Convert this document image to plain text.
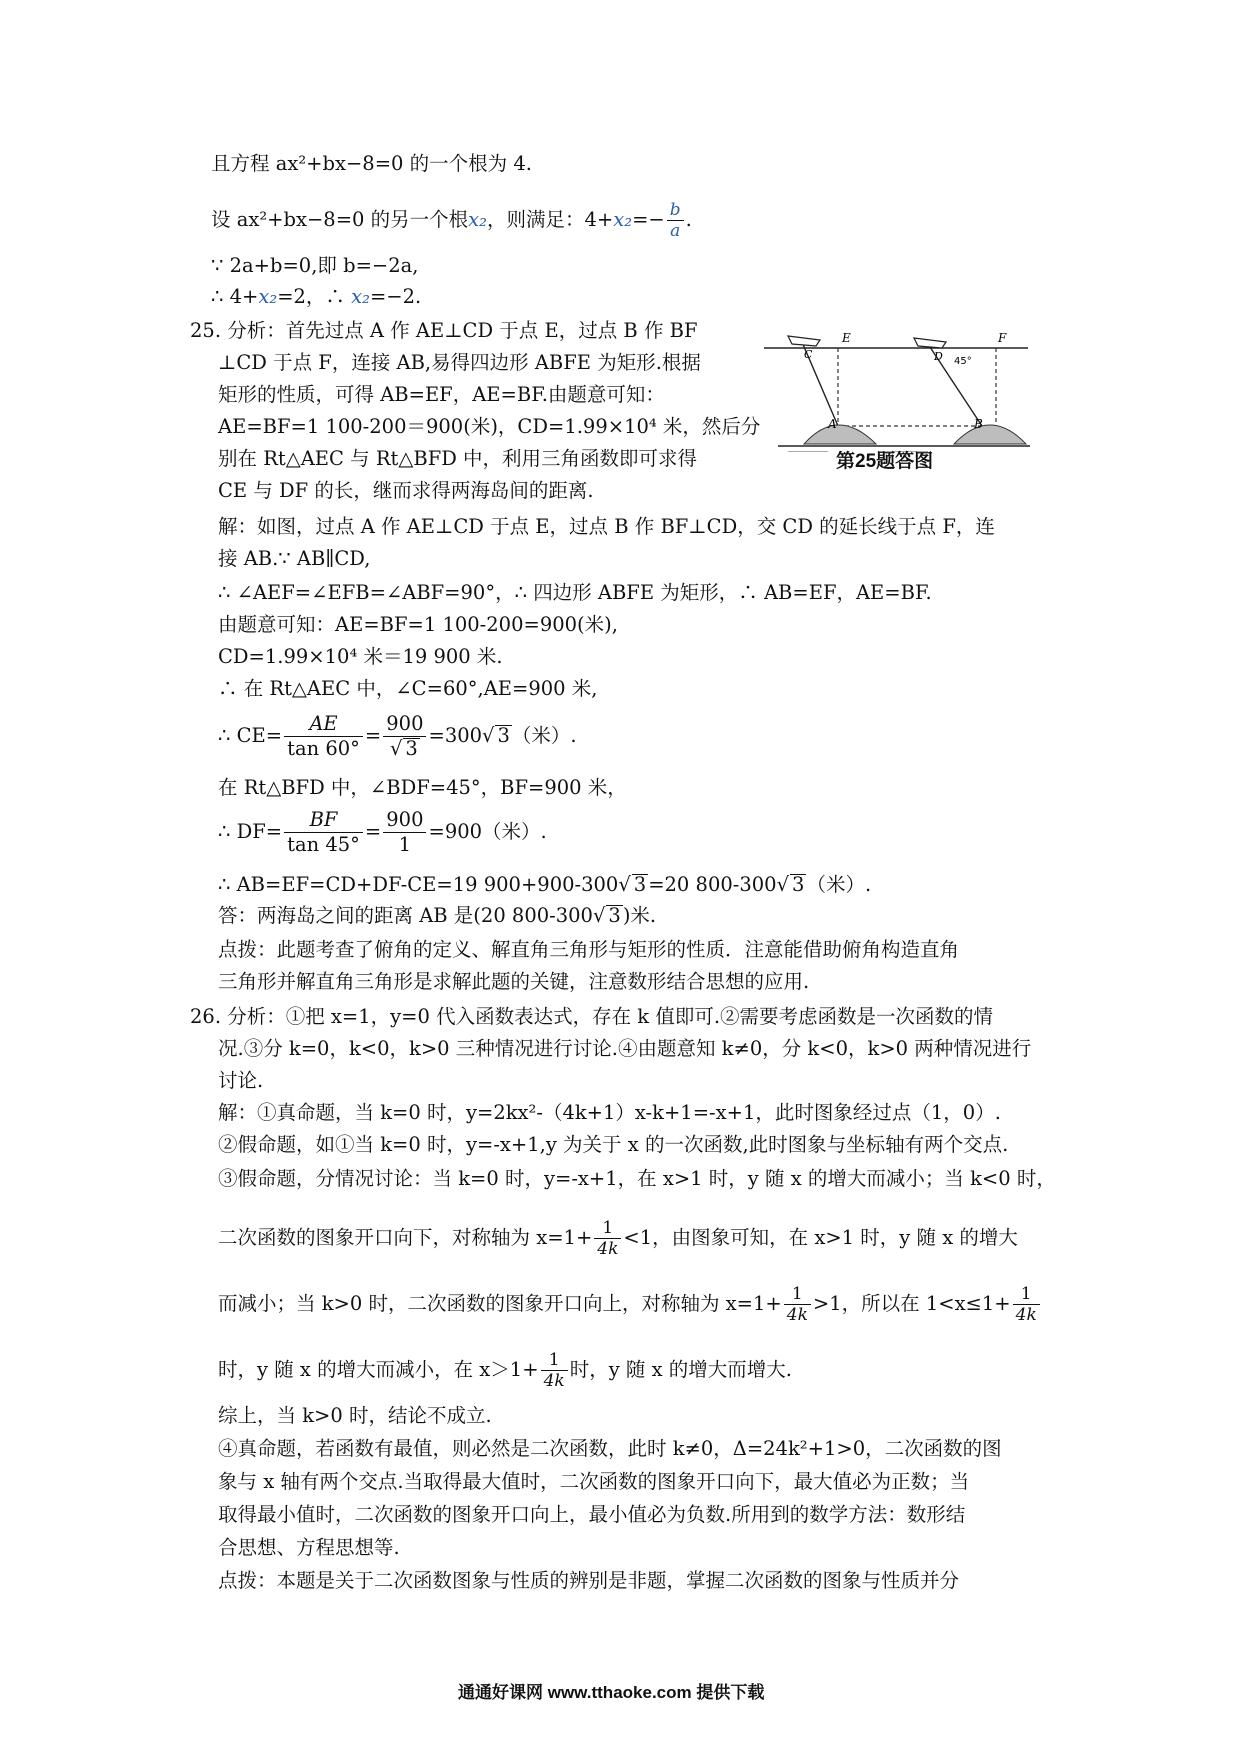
且方程 ax²+bx−8=0 的一个根为 4.
设 ax²+bx−8=0 的另一个根x₂，则满足：$4+x_2=- \frac{b}{a}$ .
∵ 2a+b=0,即 b=−2a,
∴ 4+x₂=2，∴ x₂=−2.
25. 分析：首先过点 A 作 AE⊥CD 于点 E，过点 B 作 BF
⊥CD 于点 F，连接 AB,易得四边形 ABFE 为矩形.根据
矩形的性质，可得 AB=EF，AE=BF.由题意可知：
AE=BF=1 100-200＝900(米)，CD=1.99×10⁴ 米，然后分
别在 Rt△AEC 与 Rt△BFD 中，利用三角函数即可求得
CE 与 DF 的长，继而求得两海岛间的距离.
E	F
A	B
C	D 45°
第25题答图
解：如图，过点 A 作 AE⊥CD 于点 E，过点 B 作 BF⊥CD，交 CD 的延长线于点 F，连
接 AB.∵ AB∥CD,
∴ ∠AEF=∠EFB=∠ABF=90°，∴ 四边形 ABFE 为矩形，∴ AB=EF，AE=BF.
由题意可知：AE=BF=1 100-200=900(米),
CD=1.99×10⁴ 米＝19 900 米.
∴ 在 Rt△AEC 中，∠C=60°,AE=900 米,
∴ $CE= \frac{AE}{\tan 60^\circ} = \frac{900}{√ 3} =300√$ 3 （米）.
在 Rt△BFD 中，∠BDF=45°，BF=900 米，
∴ $DF= \frac{BF}{\tan 45^\circ} = \frac{900}{1} =900$（米）.
∴ AB=EF=CD+DF-CE=19 900+900-300√ 3 =20 800-300√ 3 （米）.
答：两海岛之间的距离 AB 是(20 800-300√ 3 )米.
点拨：此题考查了俯角的定义、解直角三角形与矩形的性质．注意能借助俯角构造直角
三角形并解直角三角形是求解此题的关键，注意数形结合思想的应用.
26. 分析：①把 x=1，y=0 代入函数表达式，存在 k 值即可.②需要考虑函数是一次函数的情
况.③分 k=0，k<0，k>0 三种情况进行讨论.④由题意知 k≠0，分 k<0，k>0 两种情况进行
讨论.
解：①真命题，当 k=0 时，y=2kx²-（4k+1）x-k+1=-x+1，此时图象经过点（1，0）.
②假命题，如①当 k=0 时，y=-x+1,y 为关于 x 的一次函数,此时图象与坐标轴有两个交点.
③假命题，分情况讨论：当 k=0 时，y=-x+1，在 x>1 时，y 随 x 的增大而减小；当 k<0 时，
二次函数的图象开口向下，对称轴为 $x=1+ \frac{1}{4k} <1$，由图象可知，在 x>1 时，y 随 x 的增大
而减小；当 k>0 时，二次函数的图象开口向上，对称轴为 $x=1+ \frac{1}{4k} >1$，所以在 $1<x\le 1+ \frac{1}{4k}$
时，y 随 x 的增大而减小，在 $x>1+ \frac{1}{4k}$ 时，y 随 x 的增大而增大.
综上，当 k>0 时，结论不成立.
④真命题，若函数有最值，则必然是二次函数，此时 k≠0，Δ=24k²+1>0，二次函数的图
象与 x 轴有两个交点.当取得最大值时，二次函数的图象开口向下，最大值必为正数；当
取得最小值时，二次函数的图象开口向上，最小值必为负数.所用到的数学方法：数形结
合思想、方程思想等.
点拨：本题是关于二次函数图象与性质的辨别是非题，掌握二次函数的图象与性质并分
通通好课网 www.tthaoke.com 提供下载
